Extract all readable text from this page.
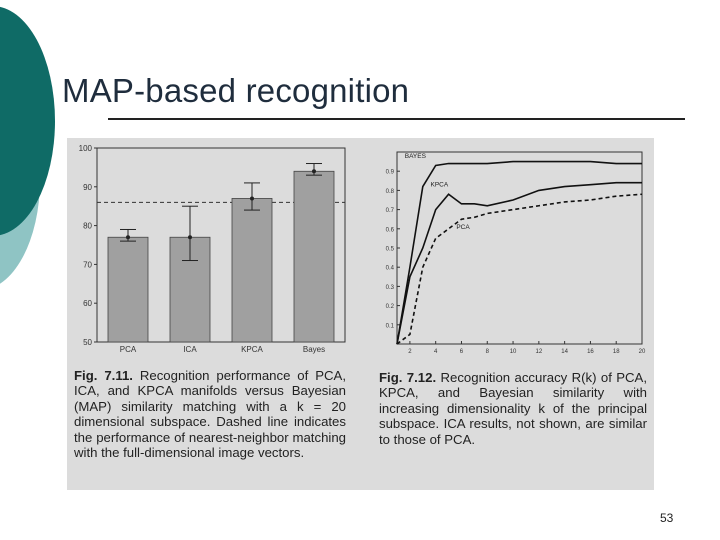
MAP-based recognition
100
90
80
70
60
50
PCA	ICA	KPCA	Bayes
0.9
0.8
0.7
0.6
0.5
0.4
0.3
0.2
0.1
2	4	6	8	10	12	14	16	18	20
BAYES
KPCA
PCA
Fig. 7.11. Recognition performance of PCA, ICA, and KPCA manifolds versus Bayesian (MAP) similarity matching with a k = 20 dimensional subspace. Dashed line indicates the performance of nearest-neighbor matching with the full-dimensional image vectors.
Fig. 7.12. Recognition accuracy R(k) of PCA, KPCA, and Bayesian similarity with increasing dimensionality k of the principal subspace. ICA results, not shown, are similar to those of PCA.
53
